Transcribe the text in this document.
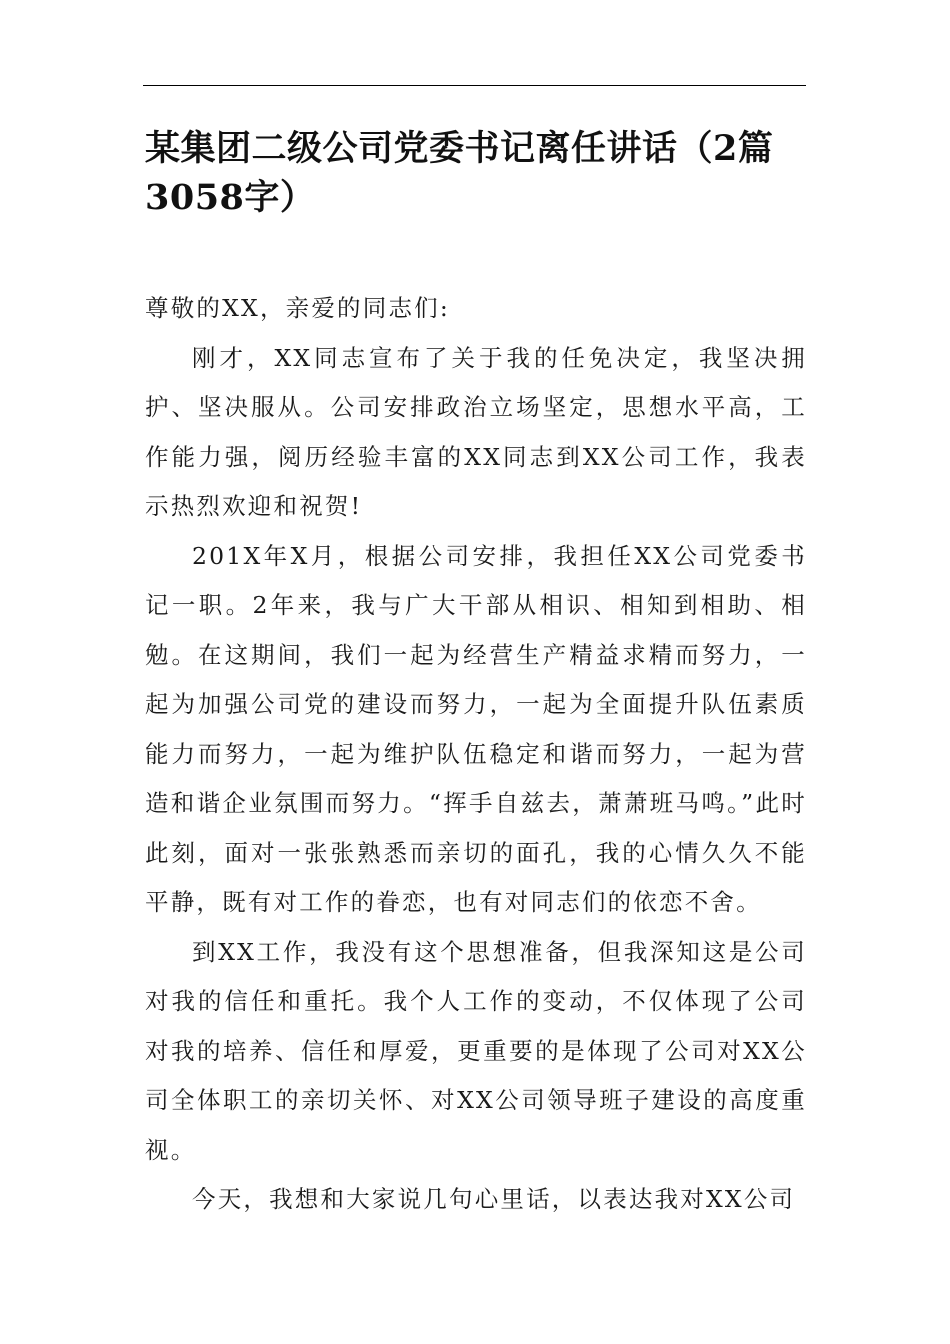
某集团二级公司党委书记离任讲话（2篇3058字）

尊敬的XX，亲爱的同志们:

刚才，XX同志宣布了关于我的任免决定，我坚决拥护、坚决服从。公司安排政治立场坚定，思想水平高，工作能力强，阅历经验丰富的XX同志到XX公司工作，我表示热烈欢迎和祝贺!

201X年X月，根据公司安排，我担任XX公司党委书记一职。2年来，我与广大干部从相识、相知到相助、相勉。在这期间，我们一起为经营生产精益求精而努力，一起为加强公司党的建设而努力，一起为全面提升队伍素质能力而努力，一起为维护队伍稳定和谐而努力，一起为营造和谐企业氛围而努力。“挥手自兹去，萧萧班马鸣。”此时此刻，面对一张张熟悉而亲切的面孔，我的心情久久不能平静，既有对工作的眷恋，也有对同志们的依恋不舍。

到XX工作，我没有这个思想准备，但我深知这是公司对我的信任和重托。我个人工作的变动，不仅体现了公司对我的培养、信任和厚爱，更重要的是体现了公司对XX公司全体职工的亲切关怀、对XX公司领导班子建设的高度重视。

今天，我想和大家说几句心里话，以表达我对XX公司
